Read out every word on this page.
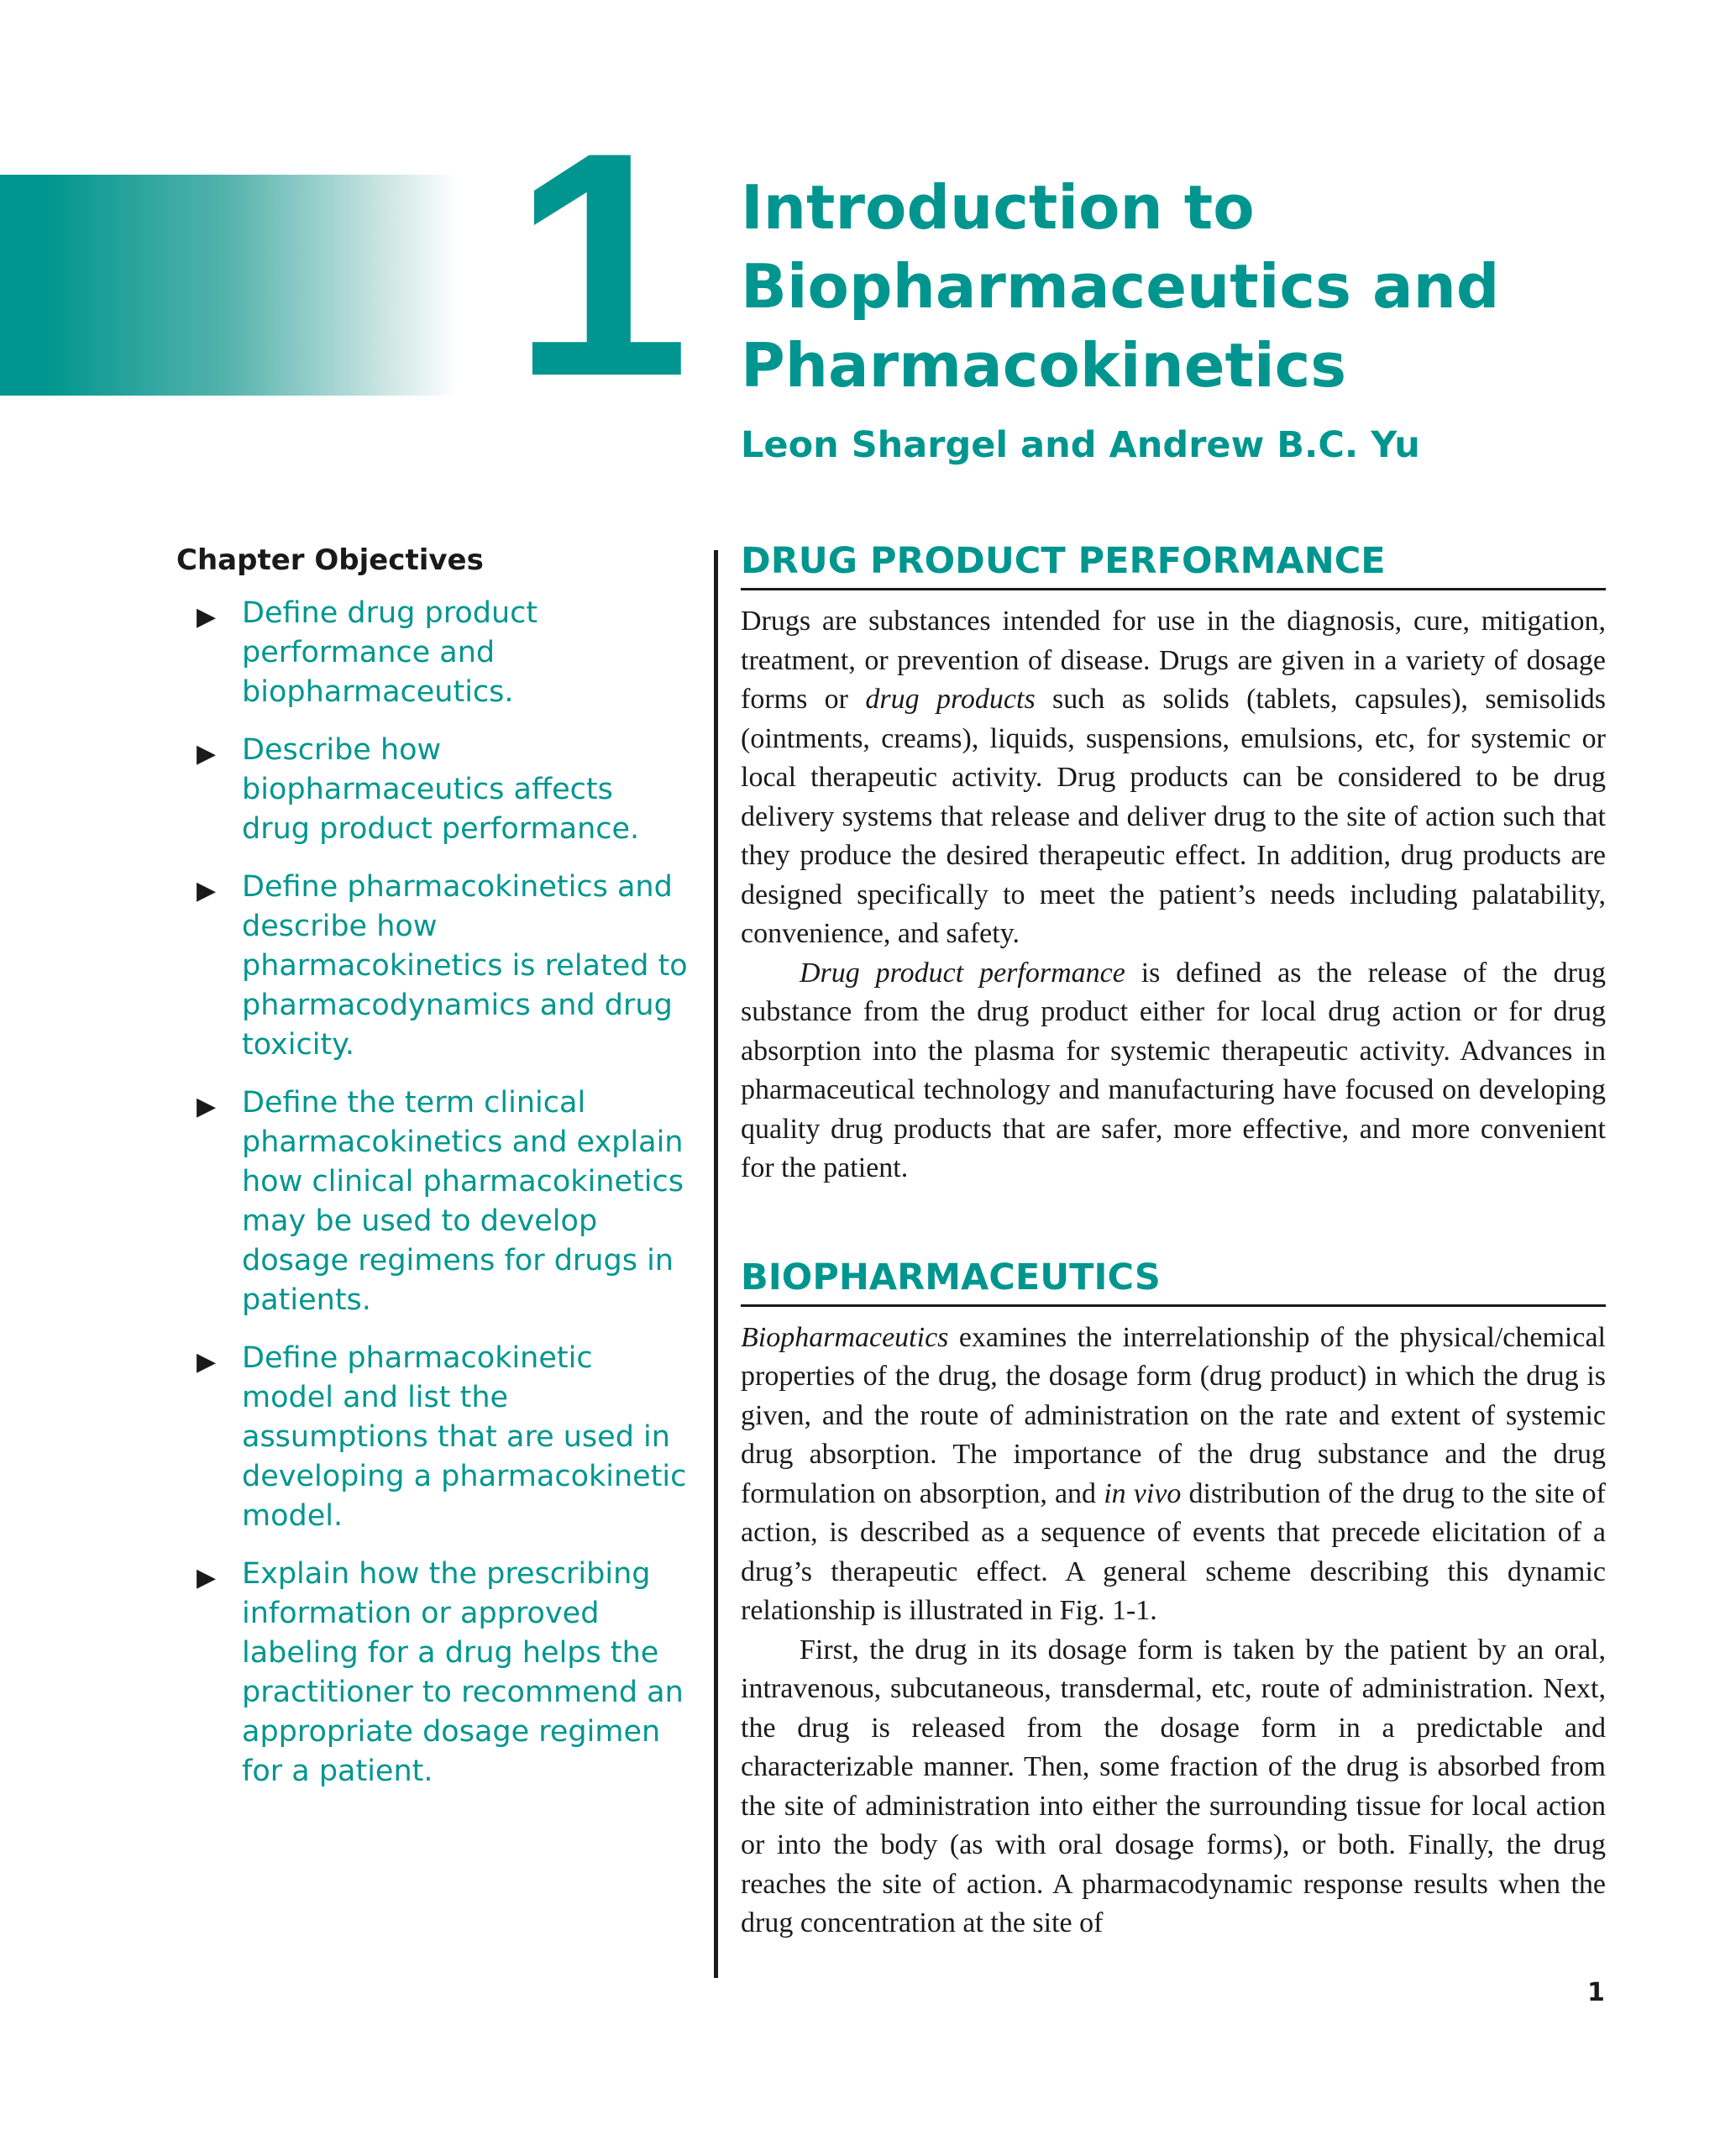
1 Introduction to
Biopharmaceutics and
Pharmacokinetics

Leon Shargel and Andrew B.C. Yu

Chapter Objectives
▶ Define drug product performance and biopharmaceutics.
▶ Describe how biopharmaceutics affects drug product performance.
▶ Define pharmacokinetics and describe how pharmacokinetics is related to pharmacodynamics and drug toxicity.
▶ Define the term clinical pharmacokinetics and explain how clinical pharmacokinetics may be used to develop dosage regimens for drugs in patients.
▶ Define pharmacokinetic model and list the assumptions that are used in developing a pharmacokinetic model.
▶ Explain how the prescribing information or approved labeling for a drug helps the practitioner to recommend an appropriate dosage regimen for a patient.
DRUG PRODUCT PERFORMANCE

Drugs are substances intended for use in the diagnosis, cure, mitigation, treatment, or prevention of disease. Drugs are given in a variety of dosage forms or drug products such as solids (tablets, capsules), semisolids (ointments, creams), liquids, suspensions, emulsions, etc, for systemic or local therapeutic activity. Drug products can be considered to be drug delivery systems that release and deliver drug to the site of action such that they produce the desired therapeutic effect. In addition, drug products are designed specifically to meet the patient’s needs including palatability, convenience, and safety.

Drug product performance is defined as the release of the drug substance from the drug product either for local drug action or for drug absorption into the plasma for systemic therapeutic activity. Advances in pharmaceutical technology and manufacturing have focused on developing quality drug products that are safer, more effective, and more convenient for the patient.

BIOPHARMACEUTICS

Biopharmaceutics examines the interrelationship of the physical/chemical properties of the drug, the dosage form (drug product) in which the drug is given, and the route of administration on the rate and extent of systemic drug absorption. The importance of the drug substance and the drug formulation on absorption, and in vivo distribution of the drug to the site of action, is described as a sequence of events that precede elicitation of a drug’s therapeutic effect. A general scheme describing this dynamic relationship is illustrated in Fig. 1-1.

First, the drug in its dosage form is taken by the patient by an oral, intravenous, subcutaneous, transdermal, etc, route of administration. Next, the drug is released from the dosage form in a predictable and characterizable manner. Then, some fraction of the drug is absorbed from the site of administration into either the surrounding tissue for local action or into the body (as with oral dosage forms), or both. Finally, the drug reaches the site of action. A pharmacodynamic response results when the drug concentration at the site of

1
